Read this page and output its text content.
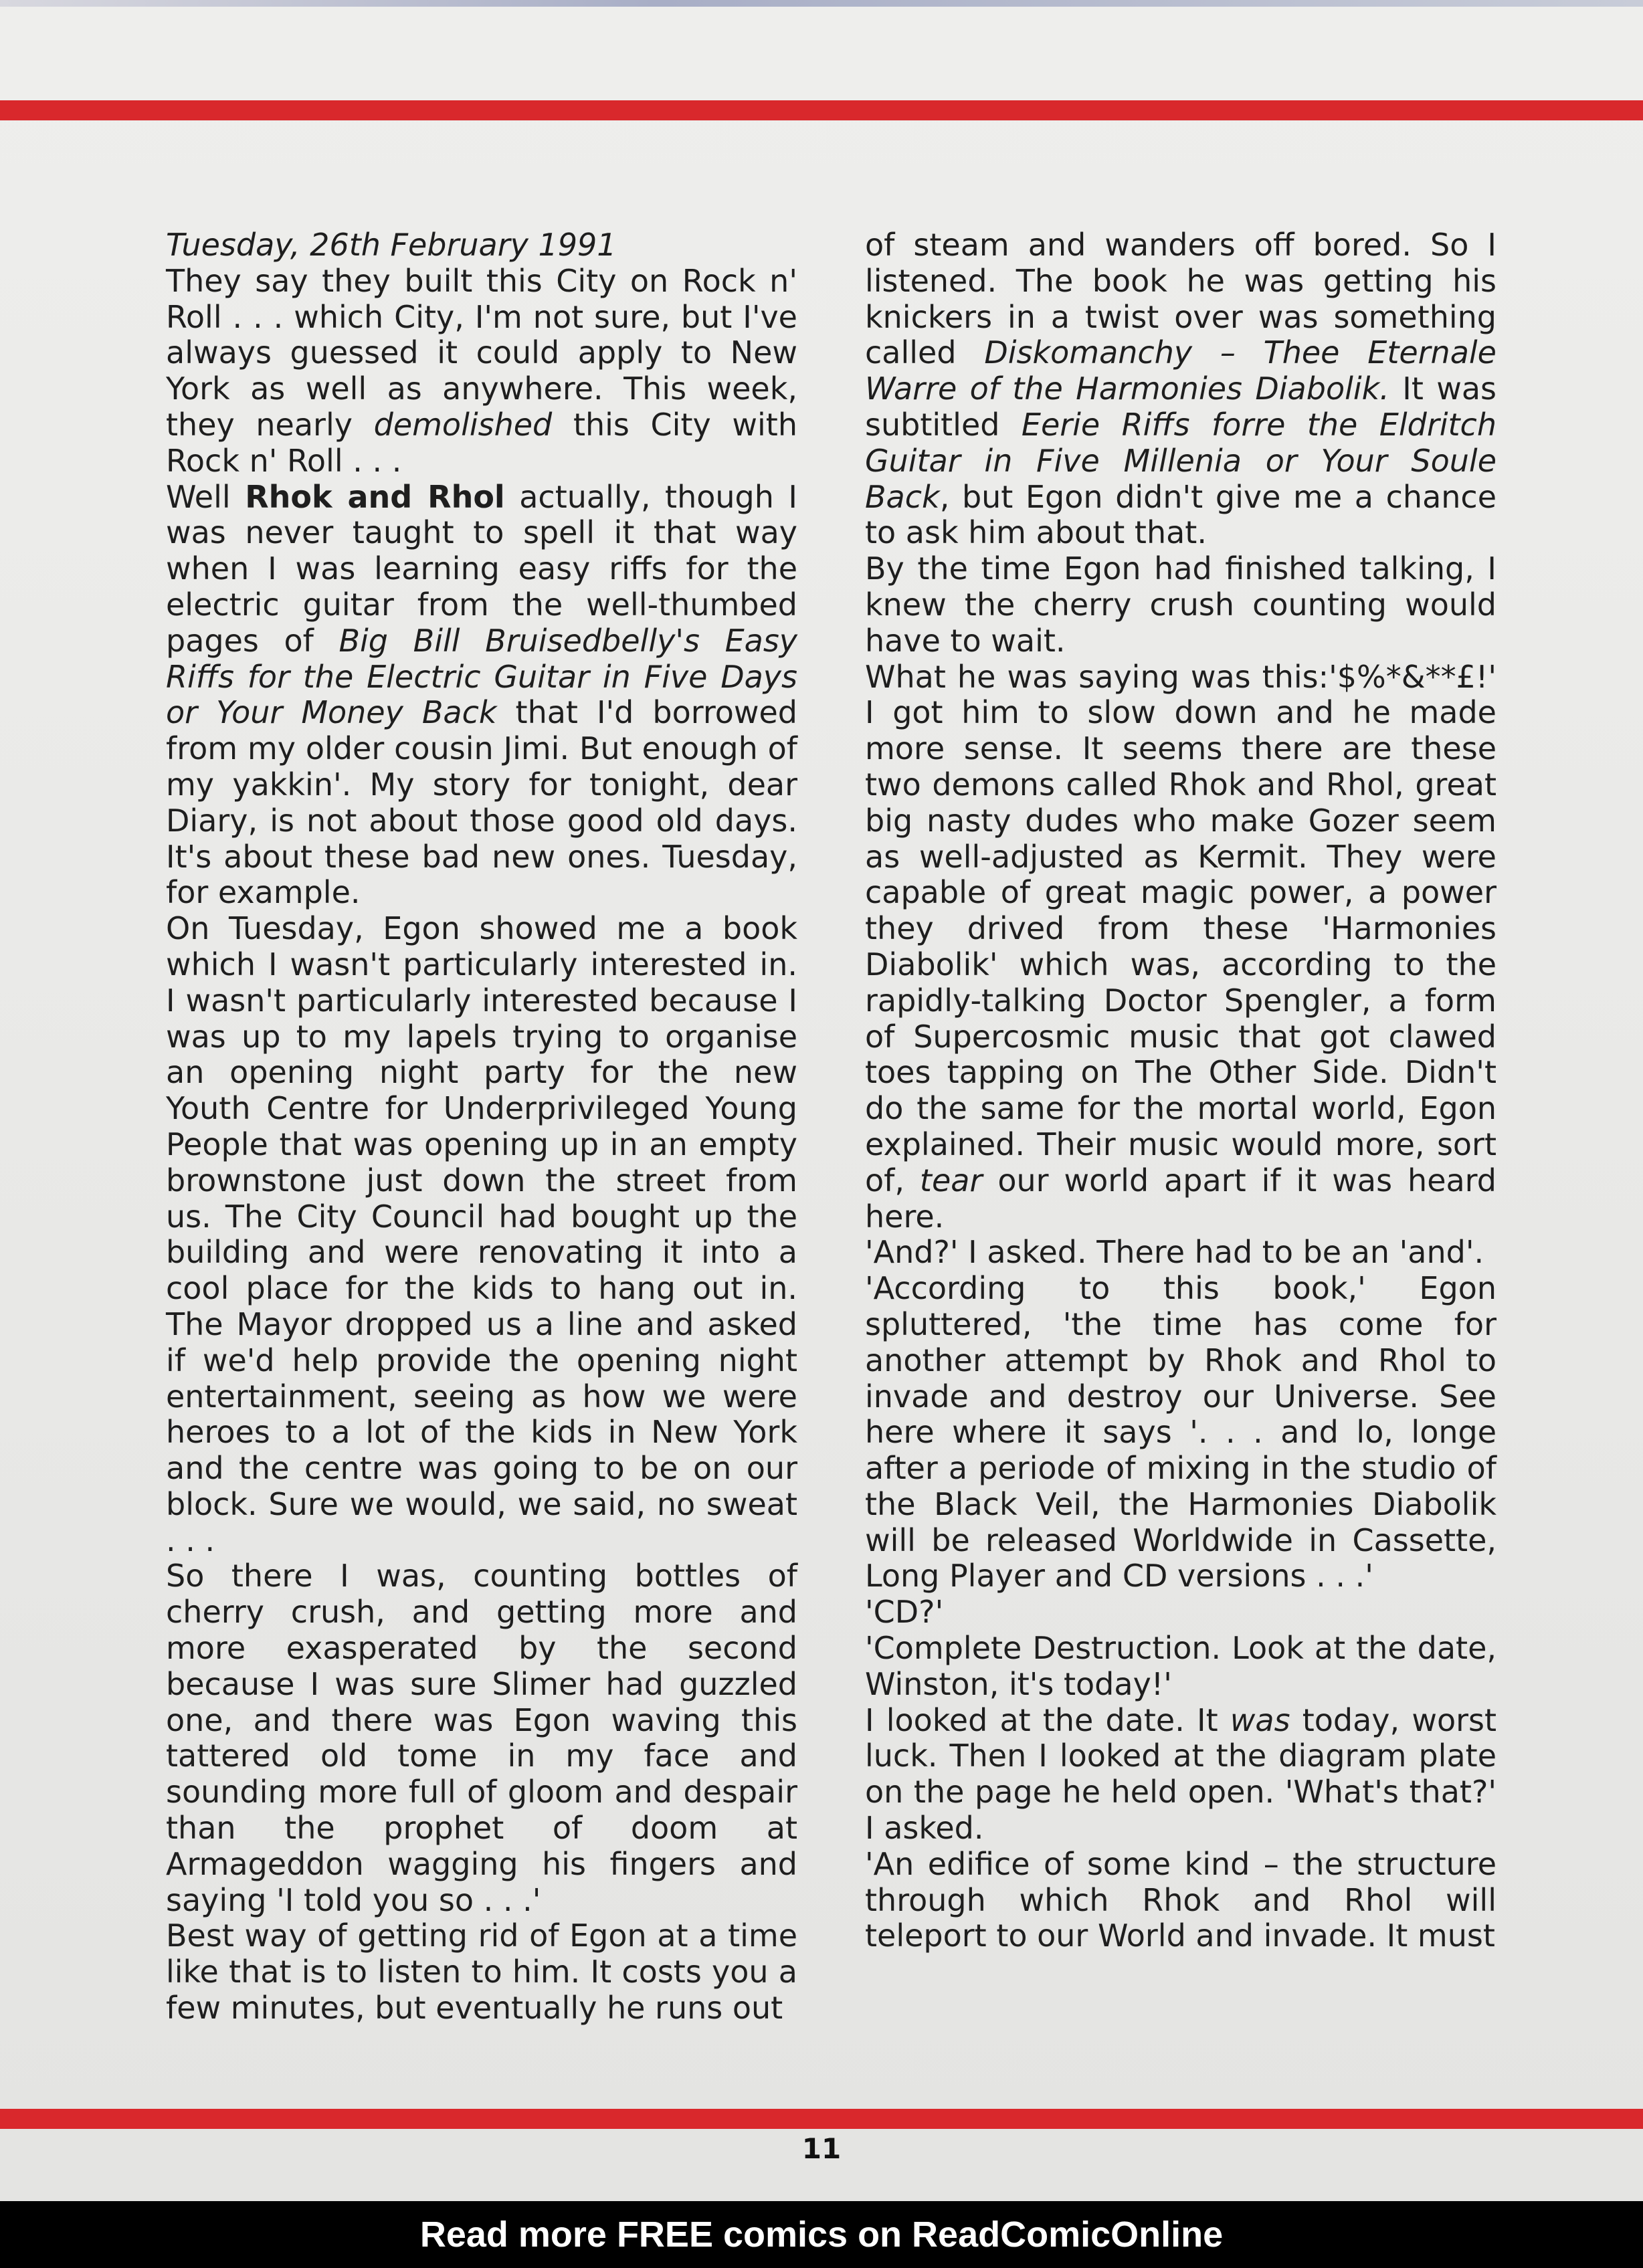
Tuesday, 26th February 1991

They say they built this City on Rock n' Roll . . . which City, I'm not sure, but I've always guessed it could apply to New York as well as anywhere. This week, they nearly demolished this City with Rock n' Roll . . .

Well Rhok and Rhol actually, though I was never taught to spell it that way when I was learning easy riffs for the electric guitar from the well-thumbed pages of Big Bill Bruisedbelly's Easy Riffs for the Electric Guitar in Five Days or Your Money Back that I'd borrowed from my older cousin Jimi. But enough of my yakkin'. My story for tonight, dear Diary, is not about those good old days. It's about these bad new ones. Tuesday, for example.

On Tuesday, Egon showed me a book which I wasn't particularly interested in. I wasn't particularly interested because I was up to my lapels trying to organise an opening night party for the new Youth Centre for Underprivileged Young People that was opening up in an empty brownstone just down the street from us. The City Council had bought up the building and were renovating it into a cool place for the kids to hang out in. The Mayor dropped us a line and asked if we'd help provide the opening night entertainment, seeing as how we were heroes to a lot of the kids in New York and the centre was going to be on our block. Sure we would, we said, no sweat . . .

So there I was, counting bottles of cherry crush, and getting more and more exasperated by the second because I was sure Slimer had guzzled one, and there was Egon waving this tattered old tome in my face and sounding more full of gloom and despair than the prophet of doom at Armageddon wagging his fingers and saying 'I told you so . . .'

Best way of getting rid of Egon at a time like that is to listen to him. It costs you a few minutes, but eventually he runs out

of steam and wanders off bored. So I listened. The book he was getting his knickers in a twist over was something called Diskomanchy – Thee Eternale Warre of the Harmonies Diabolik. It was subtitled Eerie Riffs forre the Eldritch Guitar in Five Millenia or Your Soule Back, but Egon didn't give me a chance to ask him about that.

By the time Egon had finished talking, I knew the cherry crush counting would have to wait.

What he was saying was this:'$%*&**£!' I got him to slow down and he made more sense. It seems there are these two demons called Rhok and Rhol, great big nasty dudes who make Gozer seem as well-adjusted as Kermit. They were capable of great magic power, a power they drived from these 'Harmonies Diabolik' which was, according to the rapidly-talking Doctor Spengler, a form of Supercosmic music that got clawed toes tapping on The Other Side. Didn't do the same for the mortal world, Egon explained. Their music would more, sort of, tear our world apart if it was heard here.

'And?' I asked. There had to be an 'and'.

'According to this book,' Egon spluttered, 'the time has come for another attempt by Rhok and Rhol to invade and destroy our Universe. See here where it says '. . . and lo, longe after a periode of mixing in the studio of the Black Veil, the Harmonies Diabolik will be released Worldwide in Cassette, Long Player and CD versions . . .'

'CD?'

'Complete Destruction. Look at the date, Winston, it's today!'

I looked at the date. It was today, worst luck. Then I looked at the diagram plate on the page he held open. 'What's that?' I asked.

'An edifice of some kind – the structure through which Rhok and Rhol will teleport to our World and invade. It must

11
Read more FREE comics on ReadComicOnline
